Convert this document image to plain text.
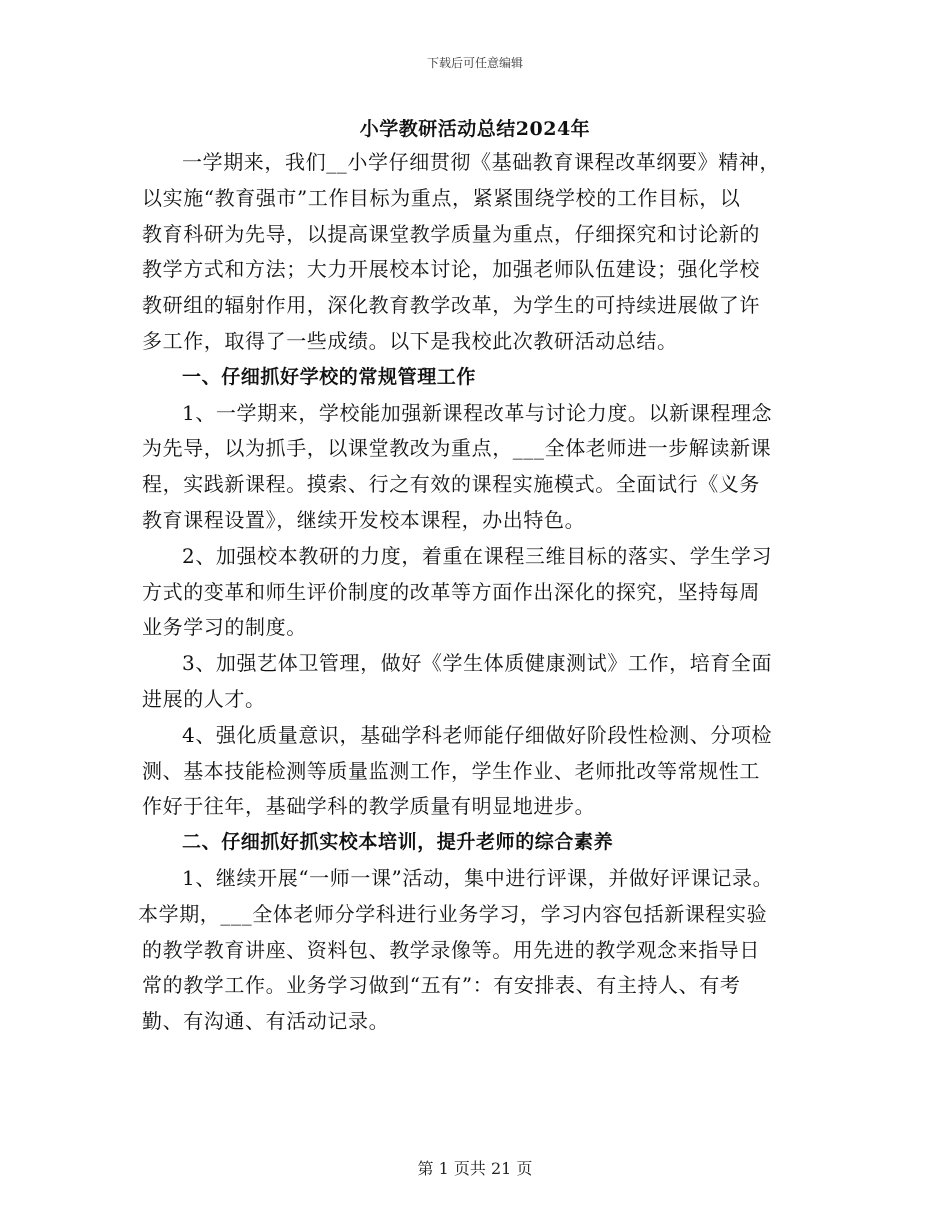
下载后可任意编辑
小学教研活动总结2024年
一学期来，我们__小学仔细贯彻《基础教育课程改革纲要》精神，
以实施“教育强市”工作目标为重点，紧紧围绕学校的工作目标，以
教育科研为先导，以提高课堂教学质量为重点，仔细探究和讨论新的
教学方式和方法；大力开展校本讨论，加强老师队伍建设；强化学校
教研组的辐射作用，深化教育教学改革，为学生的可持续进展做了许
多工作，取得了一些成绩。以下是我校此次教研活动总结。
一、仔细抓好学校的常规管理工作
1、一学期来，学校能加强新课程改革与讨论力度。以新课程理念
为先导，以为抓手，以课堂教改为重点，___全体老师进一步解读新课
程，实践新课程。摸索、行之有效的课程实施模式。全面试行《义务
教育课程设置》，继续开发校本课程，办出特色。
2、加强校本教研的力度，着重在课程三维目标的落实、学生学习
方式的变革和师生评价制度的改革等方面作出深化的探究，坚持每周
业务学习的制度。
3、加强艺体卫管理，做好《学生体质健康测试》工作，培育全面
进展的人才。
4、强化质量意识，基础学科老师能仔细做好阶段性检测、分项检
测、基本技能检测等质量监测工作，学生作业、老师批改等常规性工
作好于往年，基础学科的教学质量有明显地进步。
二、仔细抓好抓实校本培训，提升老师的综合素养
1、继续开展“一师一课”活动，集中进行评课，并做好评课记录。
本学期，___全体老师分学科进行业务学习，学习内容包括新课程实验
的教学教育讲座、资料包、教学录像等。用先进的教学观念来指导日
常的教学工作。业务学习做到“五有”：有安排表、有主持人、有考
勤、有沟通、有活动记录。
第 1 页共 21 页
